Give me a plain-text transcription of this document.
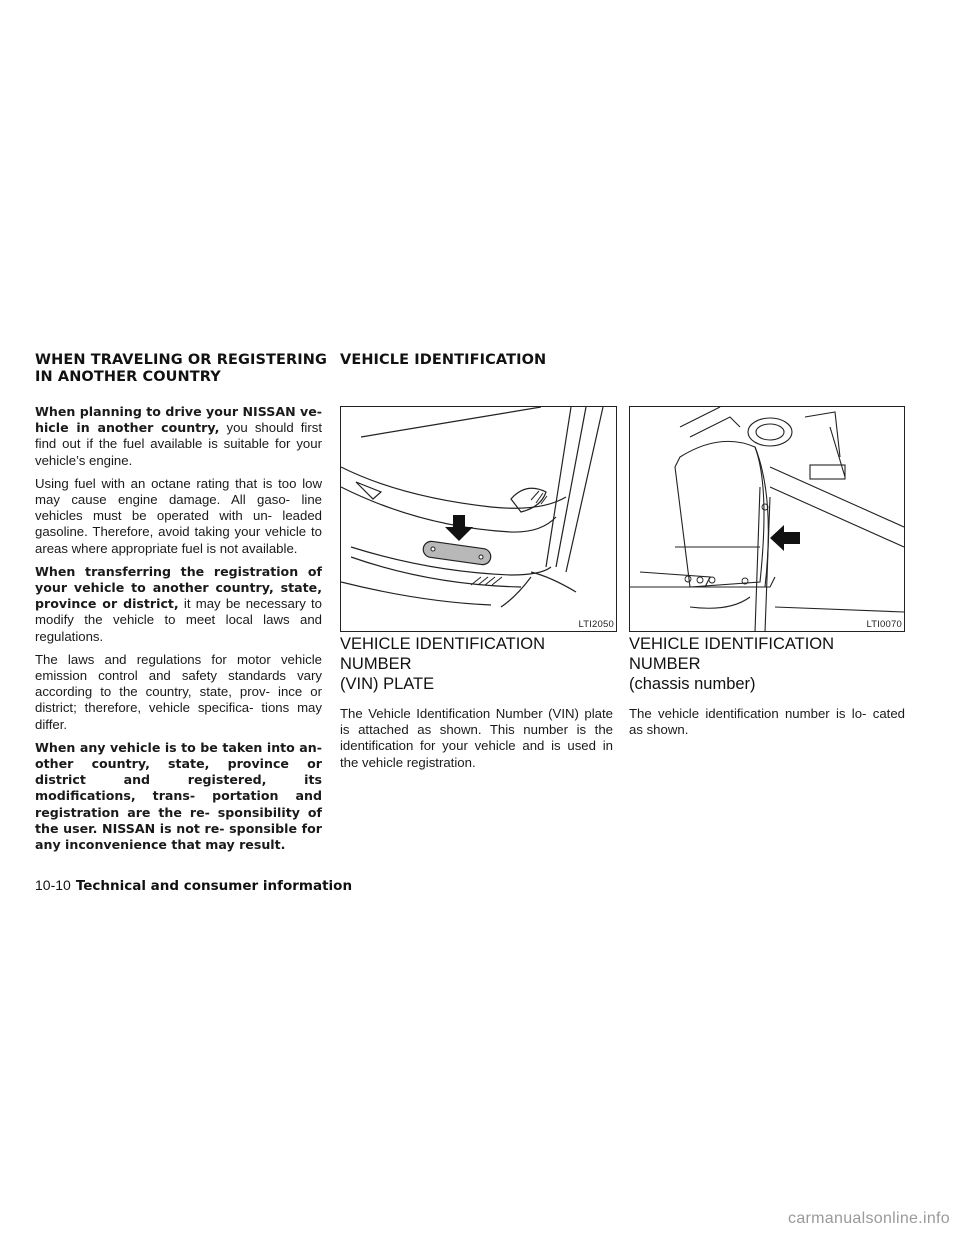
WHEN TRAVELING OR REGISTERING
IN ANOTHER COUNTRY

When planning to drive your NISSAN ve- hicle in another country, you should first find out if the fuel available is suitable for your vehicle’s engine.

Using fuel with an octane rating that is too low may cause engine damage. All gaso- line vehicles must be operated with un- leaded gasoline. Therefore, avoid taking your vehicle to areas where appropriate fuel is not available.

When transferring the registration of your vehicle to another country, state, province or district, it may be necessary to modify the vehicle to meet local laws and regulations.

The laws and regulations for motor vehicle emission control and safety standards vary according to the country, state, prov- ince or district; therefore, vehicle specifica- tions may differ.

When any vehicle is to be taken into an- other country, state, province or district and registered, its modifications, trans- portation and registration are the re- sponsibility of the user. NISSAN is not re- sponsible for any inconvenience that may result.

VEHICLE IDENTIFICATION
LTI2050
VEHICLE IDENTIFICATION NUMBER
(VIN) PLATE

The Vehicle Identification Number (VIN) plate is attached as shown. This number is the identification for your vehicle and is used in the vehicle registration.

LTI0070
VEHICLE IDENTIFICATION NUMBER
(chassis number)

The vehicle identification number is lo- cated as shown.

10-10 Technical and consumer information
carmanualsonline.info
